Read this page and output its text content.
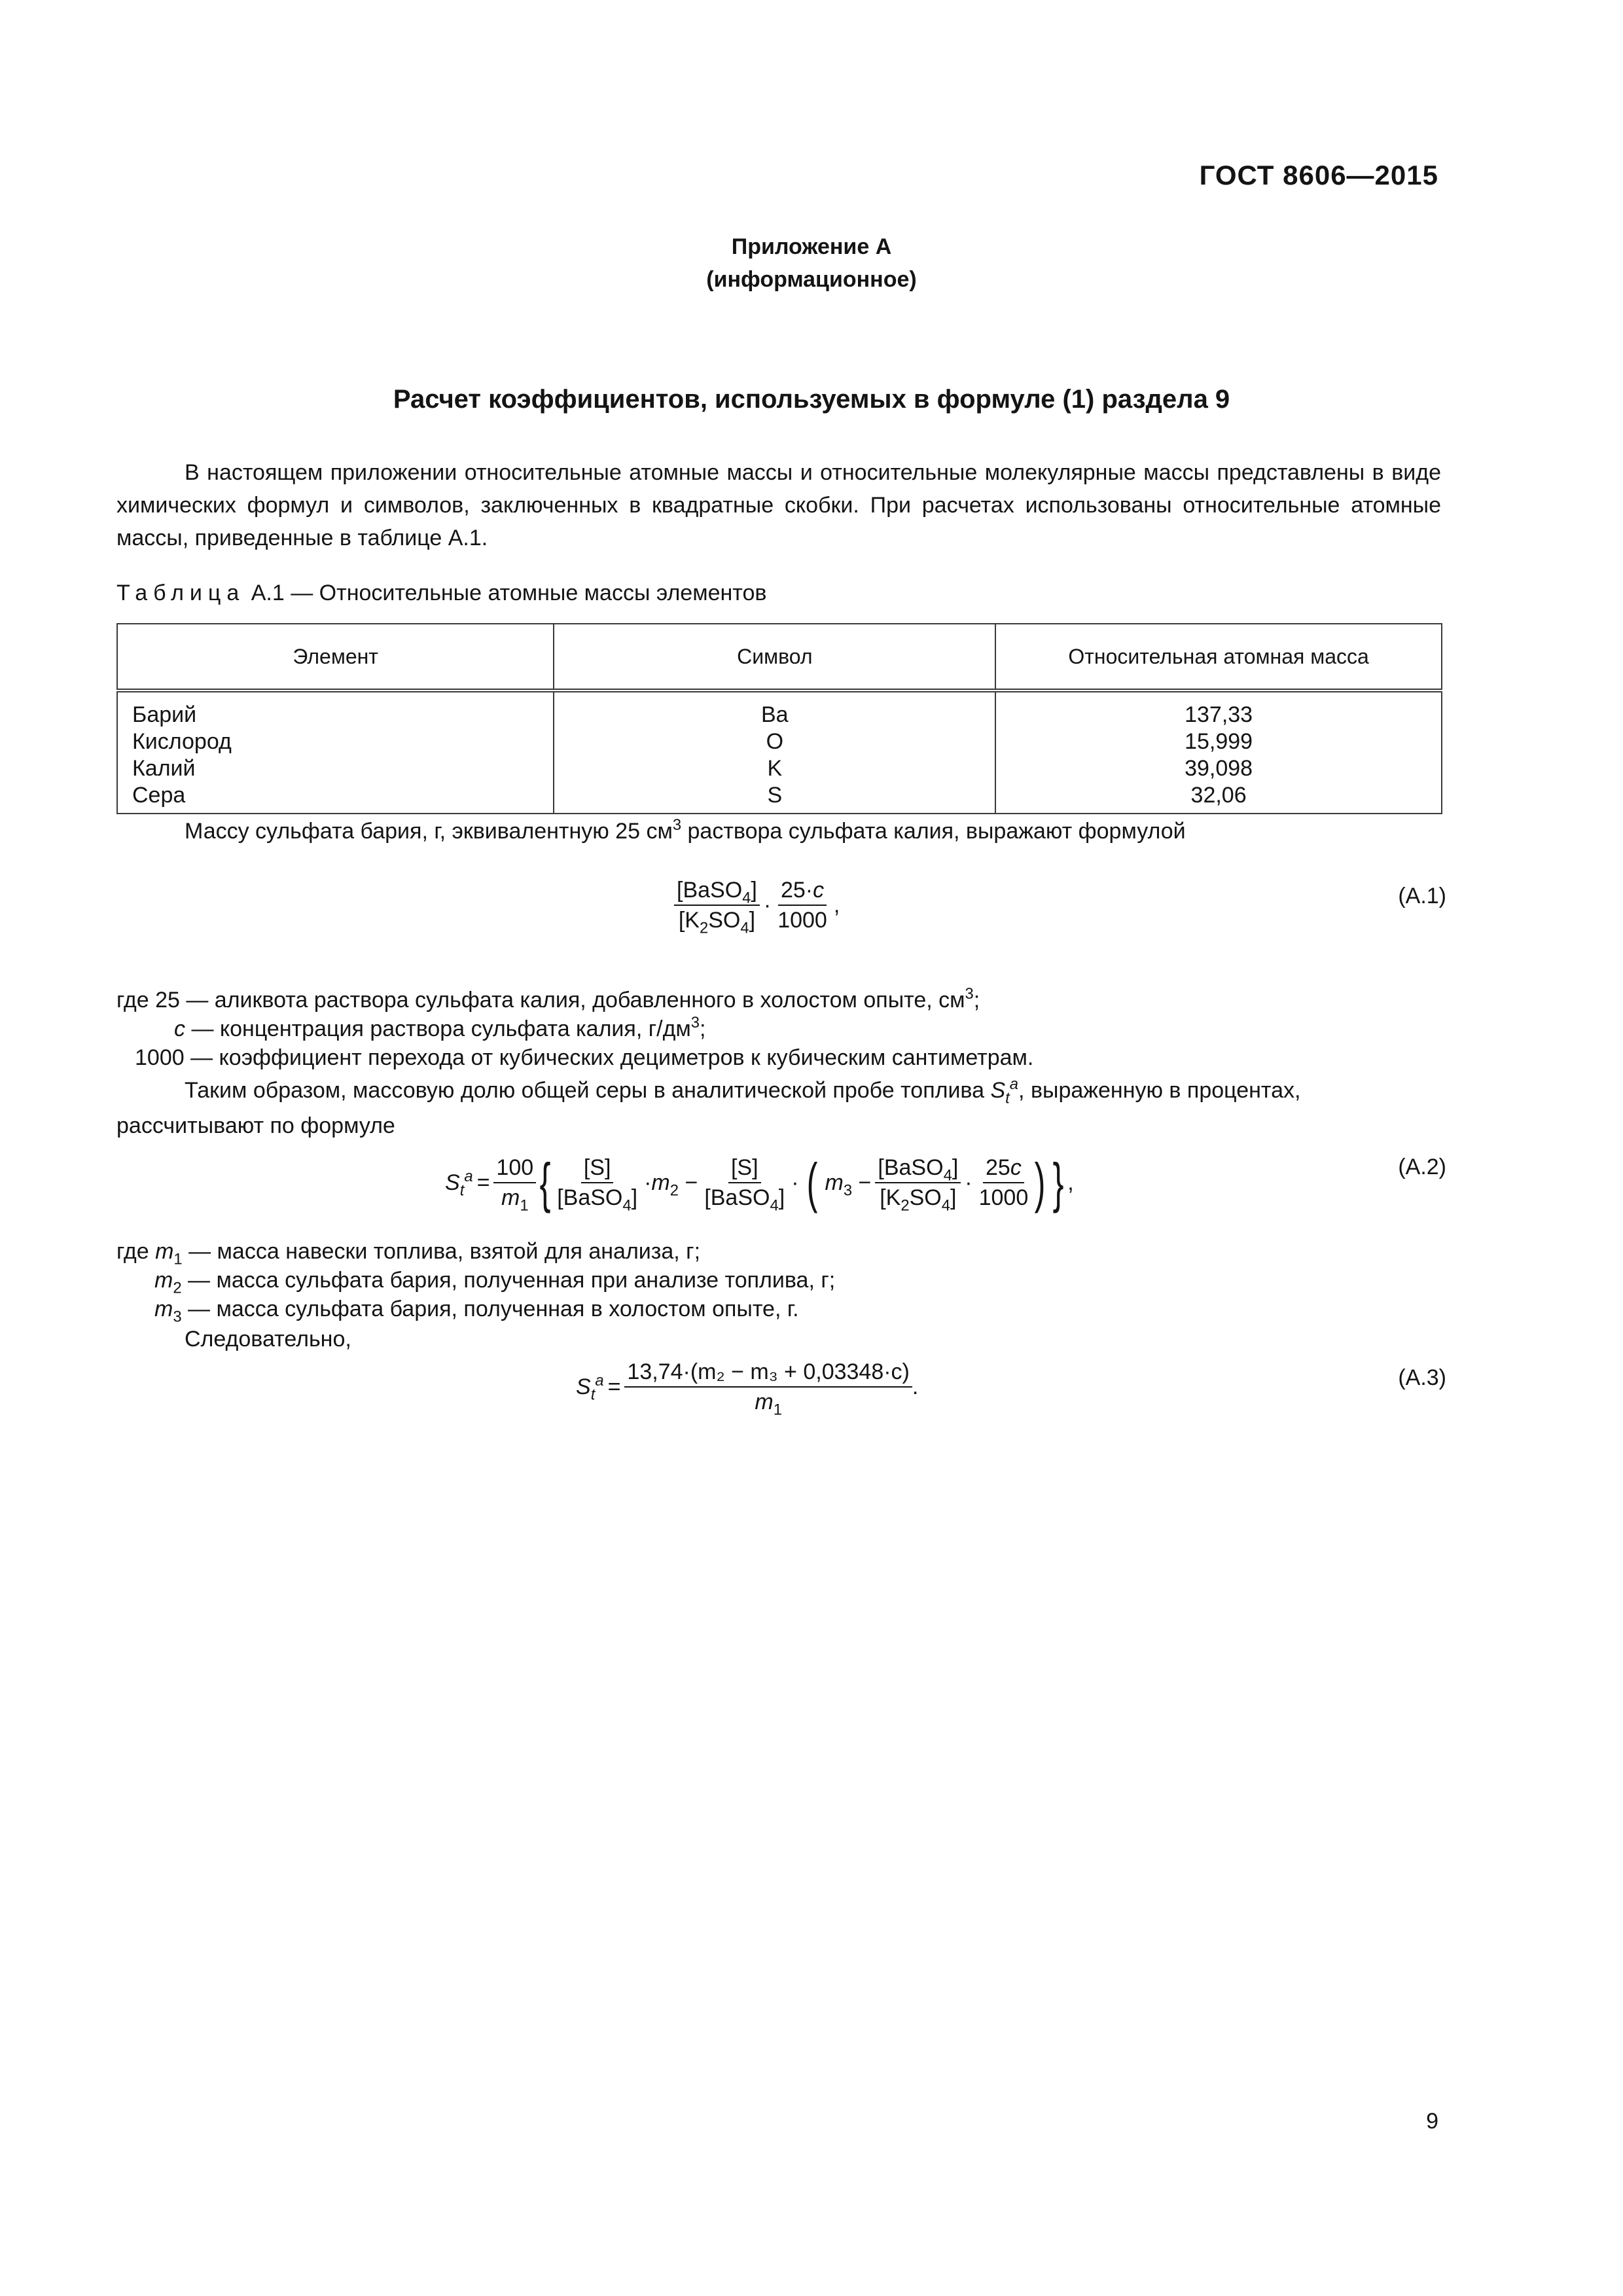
ГОСТ 8606—2015
Приложение А
(информационное)
Расчет коэффициентов, используемых в формуле (1) раздела 9
В настоящем приложении относительные атомные массы и относительные молекулярные массы представлены в виде химических формул и символов, заключенных в квадратные скобки. При расчетах использованы относительные атомные массы, приведенные в таблице А.1.
Таблица А.1 — Относительные атомные массы элементов
Элемент	Символ	Относительная атомная масса
Барий	Ba	137,33
Кислород	O	15,999
Калий	K	39,098
Сера	S	32,06
Массу сульфата бария, г, эквивалентную 25 $см^3$ раствора сульфата калия, выражают формулой
$\frac{[BaSO_4]}{[K_2SO_4]} \cdot \frac{25\cdot c}{1000}$ ,	(А.1)
где 25 — аликвота раствора сульфата калия, добавленного в холостом опыте, $см^3$;
c — концентрация раствора сульфата калия, $г/дм^3$;
1000 — коэффициент перехода от кубических дециметров к кубическим сантиметрам.
Таким образом, массовую долю общей серы в аналитической пробе топлива $S_t^a$, выраженную в процентах,
рассчитывают по формуле
$S_t^a = \frac{100}{m_1}$ { $\frac{[S]}{[BaSO_4]} \cdot m_2 - \frac{[S]}{[BaSO_4]}$ · ( $m_3 - \frac{[BaSO_4]}{[K_2SO_4]} \cdot \frac{25c}{1000}$ ) } ,
(А.2)
где $m_1$ — масса навески топлива, взятой для анализа, г;
$m_2$ — масса сульфата бария, полученная при анализе топлива, г;
$m_3$ — масса сульфата бария, полученная в холостом опыте, г.
Следовательно,
$S_t^a = \frac{\text{13,74·(m₂ − m₃ + 0,03348·c)}}{m_1}$ .	(А.3)
9
